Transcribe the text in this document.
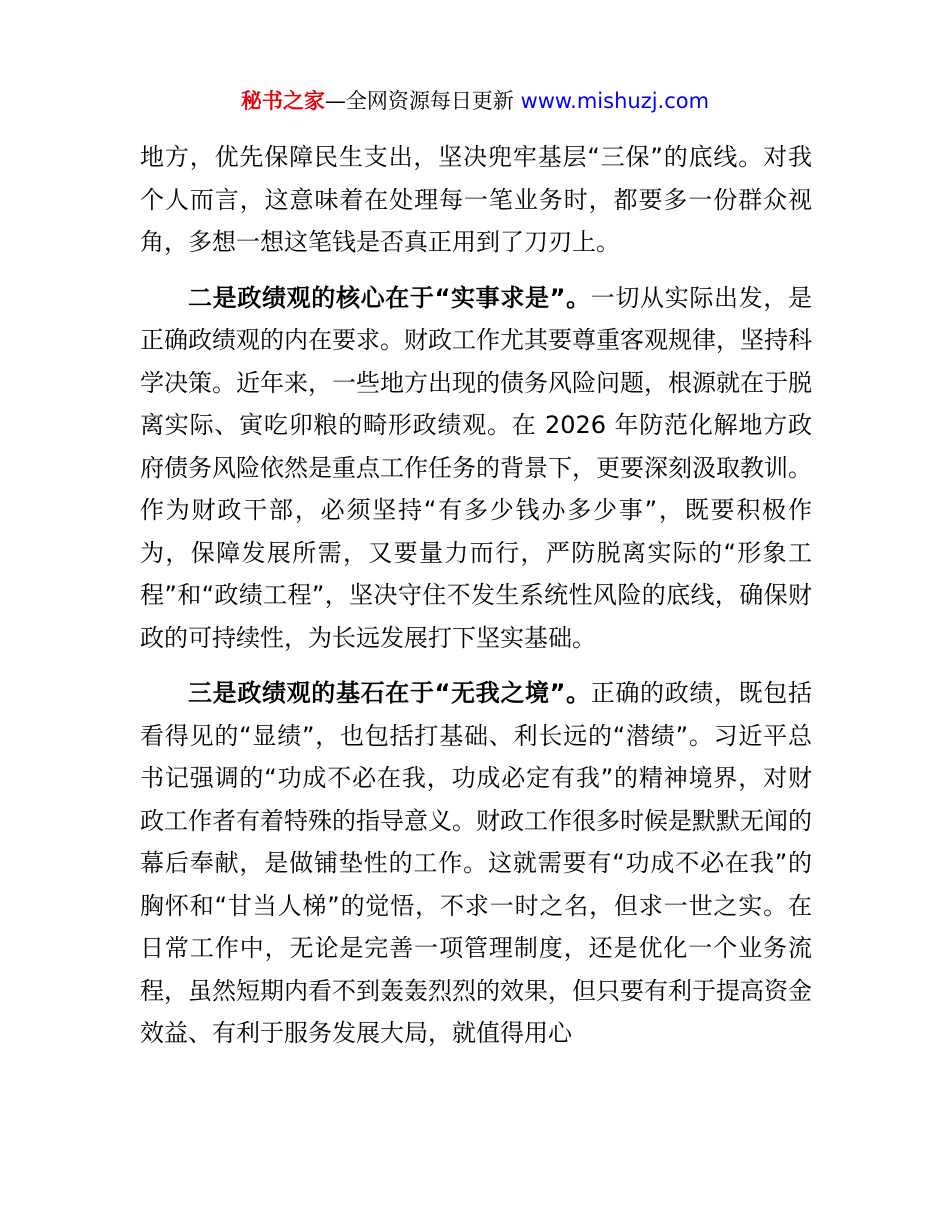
秘书之家—全网资源每日更新 www.mishuzj.com

地方，优先保障民生支出，坚决兜牢基层“三保”的底线。对我个人而言，这意味着在处理每一笔业务时，都要多一份群众视角，多想一想这笔钱是否真正用到了刀刃上。

二是政绩观的核心在于“实事求是”。一切从实际出发，是正确政绩观的内在要求。财政工作尤其要尊重客观规律，坚持科学决策。近年来，一些地方出现的债务风险问题，根源就在于脱离实际、寅吃卯粮的畸形政绩观。在 2026 年防范化解地方政府债务风险依然是重点工作任务的背景下，更要深刻汲取教训。作为财政干部，必须坚持“有多少钱办多少事”，既要积极作为，保障发展所需，又要量力而行，严防脱离实际的“形象工程”和“政绩工程”，坚决守住不发生系统性风险的底线，确保财政的可持续性，为长远发展打下坚实基础。

三是政绩观的基石在于“无我之境”。正确的政绩，既包括看得见的“显绩”，也包括打基础、利长远的“潜绩”。习近平总书记强调的“功成不必在我，功成必定有我”的精神境界，对财政工作者有着特殊的指导意义。财政工作很多时候是默默无闻的幕后奉献，是做铺垫性的工作。这就需要有“功成不必在我”的胸怀和“甘当人梯”的觉悟，不求一时之名，但求一世之实。在日常工作中，无论是完善一项管理制度，还是优化一个业务流程，虽然短期内看不到轰轰烈烈的效果，但只要有利于提高资金效益、有利于服务发展大局，就值得用心
